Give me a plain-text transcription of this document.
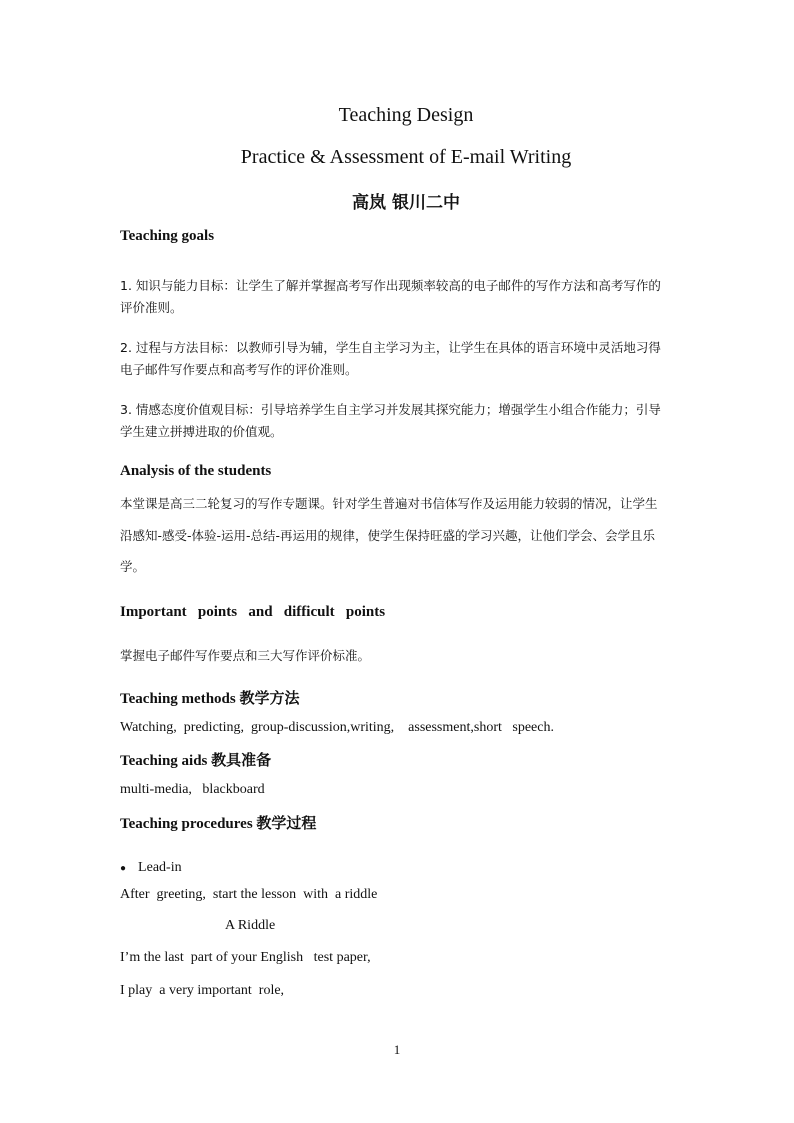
Teaching Design
Practice & Assessment of E-mail Writing
高岚 银川二中
Teaching goals
1. 知识与能力目标：让学生了解并掌握高考写作出现频率较高的电子邮件的写作方法和高考写作的
评价准则。
2. 过程与方法目标：以教师引导为辅，学生自主学习为主，让学生在具体的语言环境中灵活地习得
电子邮件写作要点和高考写作的评价准则。
3. 情感态度价值观目标：引导培养学生自主学习并发展其探究能力；增强学生小组合作能力；引导
学生建立拼搏进取的价值观。
Analysis of the students
本堂课是高三二轮复习的写作专题课。针对学生普遍对书信体写作及运用能力较弱的情况，让学生
沿感知-感受-体验-运用-总结-再运用的规律，使学生保持旺盛的学习兴趣，让他们学会、会学且乐
学。
Important   points   and   difficult   points
掌握电子邮件写作要点和三大写作评价标准。
Teaching methods 教学方法
Watching,  predicting,  group-discussion,writing,    assessment,short   speech.
Teaching aids 教具准备
multi-media,   blackboard
Teaching procedures 教学过程
● Lead-in
After  greeting,  start the lesson  with  a riddle
A Riddle
I’m the last  part of your English   test paper,
I play  a very important  role,
1
